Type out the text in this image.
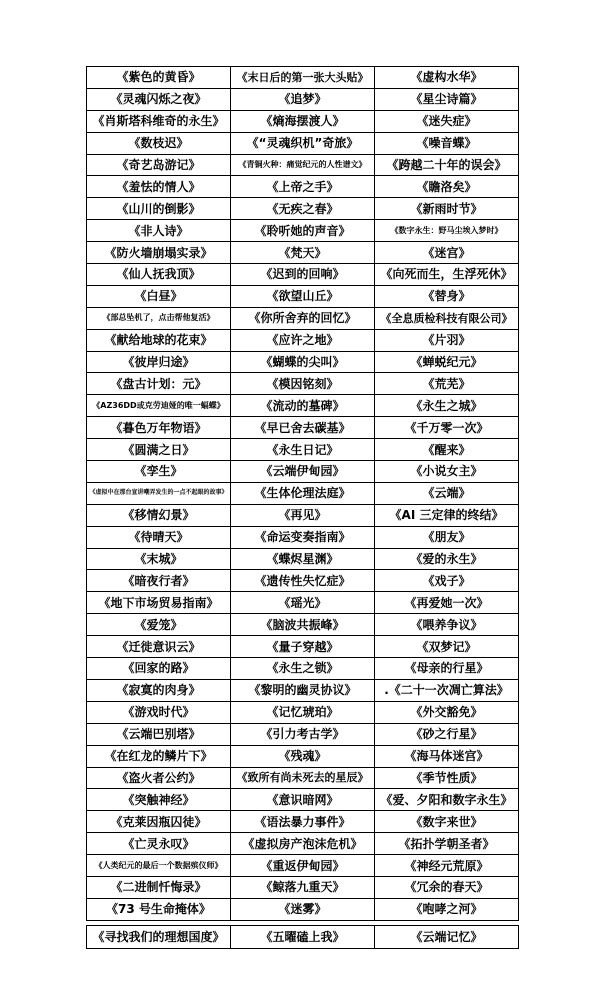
《紫色的黄昏》	《末日后的第一张大头贴》	《虚构水华》
《灵魂闪烁之夜》	《追梦》	《星尘诗篇》
《肖斯塔科维奇的永生》	《熵海摆渡人》	《迷失症》
《数枝迟》	《“灵魂织机”奇旅》	《噪音蝶》
《奇艺岛游记》	《青铜火种：痛觉纪元的人性谱文》	《跨越二十年的误会》
《羞怯的情人》	《上帝之手》	《瞻洛矣》
《山川的倒影》	《无疾之春》	《新雨时节》
《非人诗》	《聆听她的声音》	《数字永生：野马尘埃入梦时》
《防火墙崩塌实录》	《梵天》	《迷宫》
《仙人抚我顶》	《迟到的回响》	《向死而生，生浮死休》
《白昼》	《欲望山丘》	《替身》
《部总坠机了，点击帮他复活》	《你所舍弃的回忆》	《全息质检科技有限公司》
《献给地球的花束》	《应许之地》	《片羽》
《彼岸归途》	《蝴蝶的尖叫》	《蝉蜕纪元》
《盘古计划：元》	《模因铭刻》	《荒芜》
《AZ36DD或克劳迪娅的唯一蝠蝶》	《流动的墓碑》	《永生之城》
《暮色万年物语》	《早已舍去碳基》	《千万零一次》
《圆满之日》	《永生日记》	《醒来》
《孪生》	《云端伊甸园》	《小说女主》
《虚拟中在那台宣讲嘲弄发生的一点不起眼的故事》	《生体伦理法庭》	《云端》
《移情幻景》	《再见》	《AI 三定律的终结》
《待晴天》	《命运变奏指南》	《朋友》
《末城》	《蝶烬星渊》	《爱的永生》
《暗夜行者》	《遗传性失忆症》	《戏子》
《地下市场贸易指南》	《瑶光》	《再爱她一次》
《爱笼》	《脑波共振峰》	《喂养争议》
《迁徙意识云》	《量子穿越》	《双梦记》
《回家的路》	《永生之锁》	《母亲的行星》
《寂寞的肉身》	《黎明的幽灵协议》	.《二十一次凋亡算法》
《游戏时代》	《记忆琥珀》	《外交豁免》
《云端巴别塔》	《引力考古学》	《砂之行星》
《在红龙的鳞片下》	《残魂》	《海马体迷宫》
《盗火者公约》	《致所有尚未死去的星辰》	《季节性质》
《突触神经》	《意识暗网》	《爱、夕阳和数字永生》
《克莱因瓶囚徒》	《语法暴力事件》	《数字来世》
《亡灵永叹》	《虚拟房产泡沫危机》	《拓扑学朝圣者》
《人类纪元的最后一个数据殡仪师》	《重返伊甸园》	《神经元荒原》
《二进制忏悔录》	《鲸落九重天》	《冗余的春天》
《73 号生命掩体》	《迷雾》	《咆哮之河》
《寻找我们的理想国度》	《五曜磕上我》	《云端记忆》
